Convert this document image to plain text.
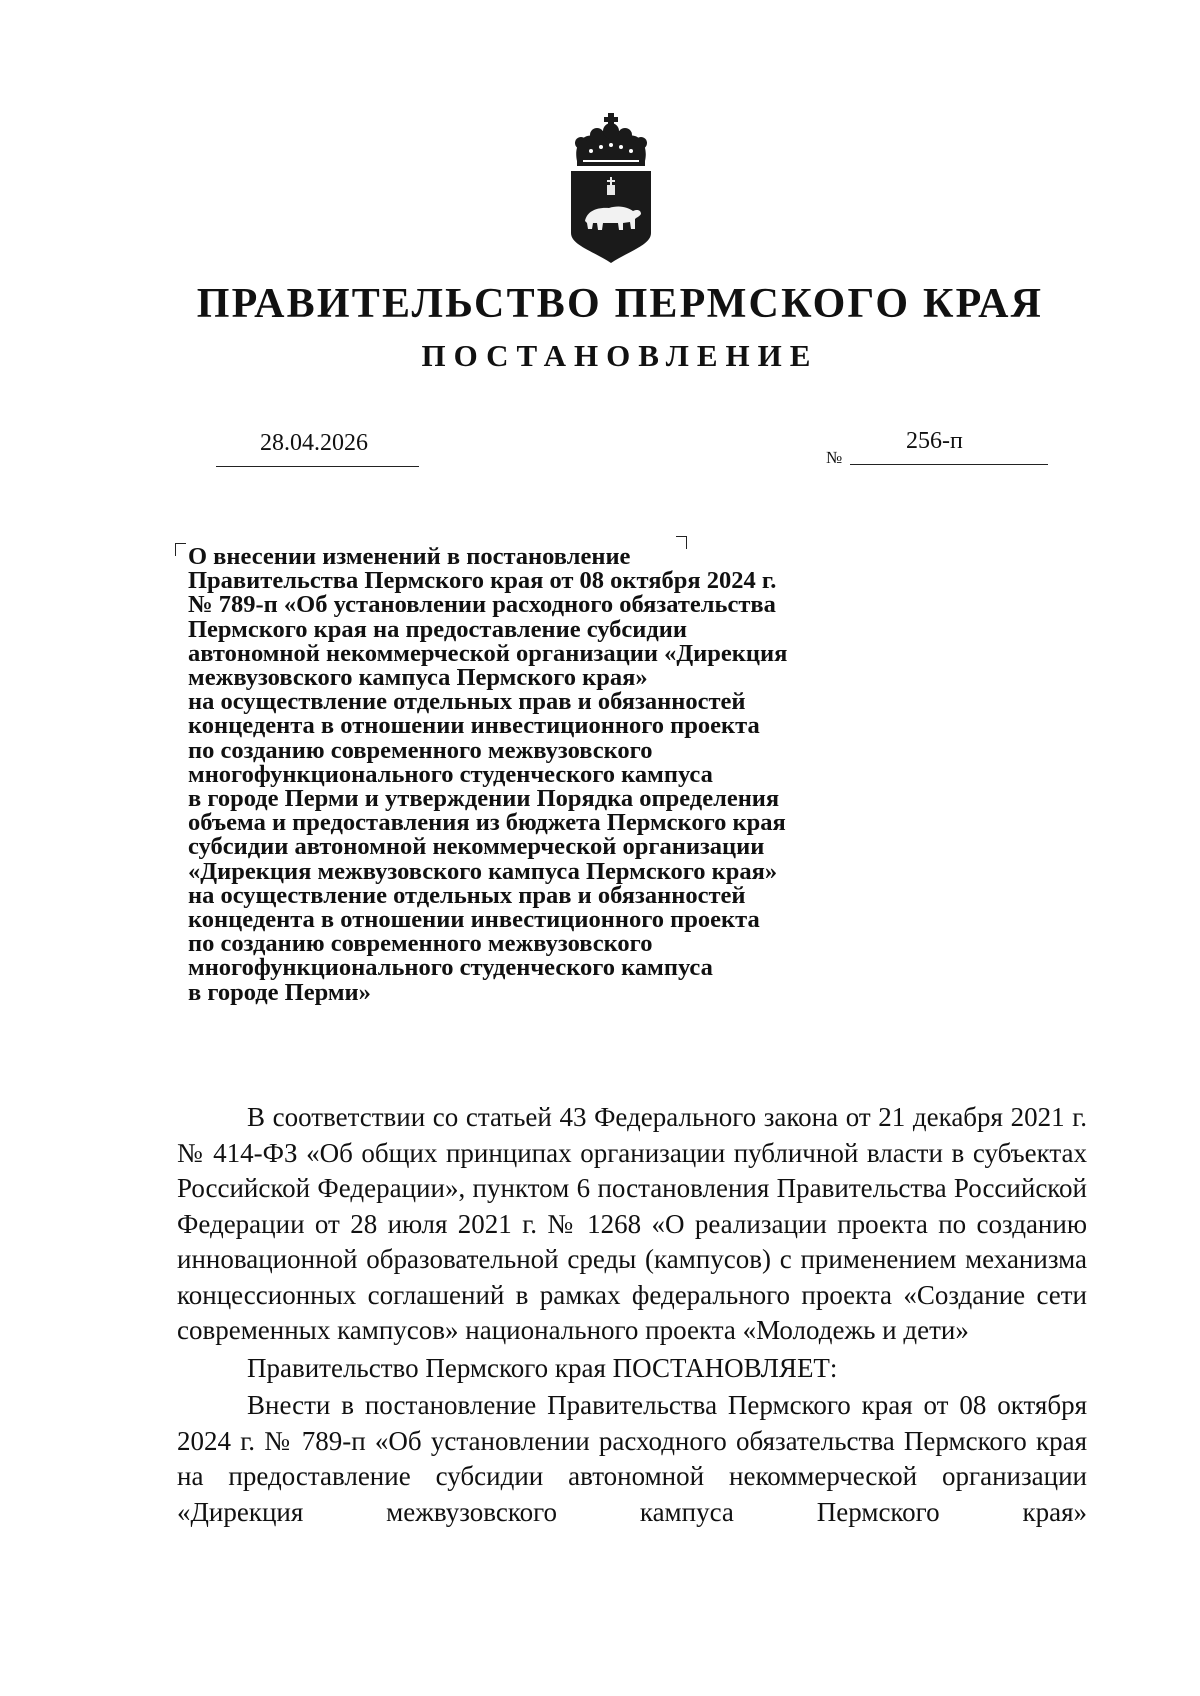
ПРАВИТЕЛЬСТВО ПЕРМСКОГО КРАЯ
ПОСТАНОВЛЕНИЕ
28.04.2026
№
256-п
О внесении изменений в постановление
Правительства Пермского края от 08 октября 2024 г.
№ 789-п «Об установлении расходного обязательства
Пермского края на предоставление субсидии
автономной некоммерческой организации «Дирекция
межвузовского кампуса Пермского края»
на осуществление отдельных прав и обязанностей
концедента в отношении инвестиционного проекта
по созданию современного межвузовского
многофункционального студенческого кампуса
в городе Перми и утверждении Порядка определения
объема и предоставления из бюджета Пермского края
субсидии автономной некоммерческой организации
«Дирекция межвузовского кампуса Пермского края»
на осуществление отдельных прав и обязанностей
концедента в отношении инвестиционного проекта
по созданию современного межвузовского
многофункционального студенческого кампуса
в городе Перми»

В соответствии со статьей 43 Федерального закона от 21 декабря 2021 г. № 414-ФЗ «Об общих принципах организации публичной власти в субъектах Российской Федерации», пунктом 6 постановления Правительства Российской Федерации от 28 июля 2021 г. № 1268 «О реализации проекта по созданию инновационной образовательной среды (кампусов) с применением механизма концессионных соглашений в рамках федерального проекта «Создание сети современных кампусов» национального проекта «Молодежь и дети»

Правительство Пермского края ПОСТАНОВЛЯЕТ:

Внести в постановление Правительства Пермского края от 08 октября 2024 г. № 789-п «Об установлении расходного обязательства Пермского края на предоставление субсидии автономной некоммерческой организации «Дирекция межвузовского кампуса Пермского края»
